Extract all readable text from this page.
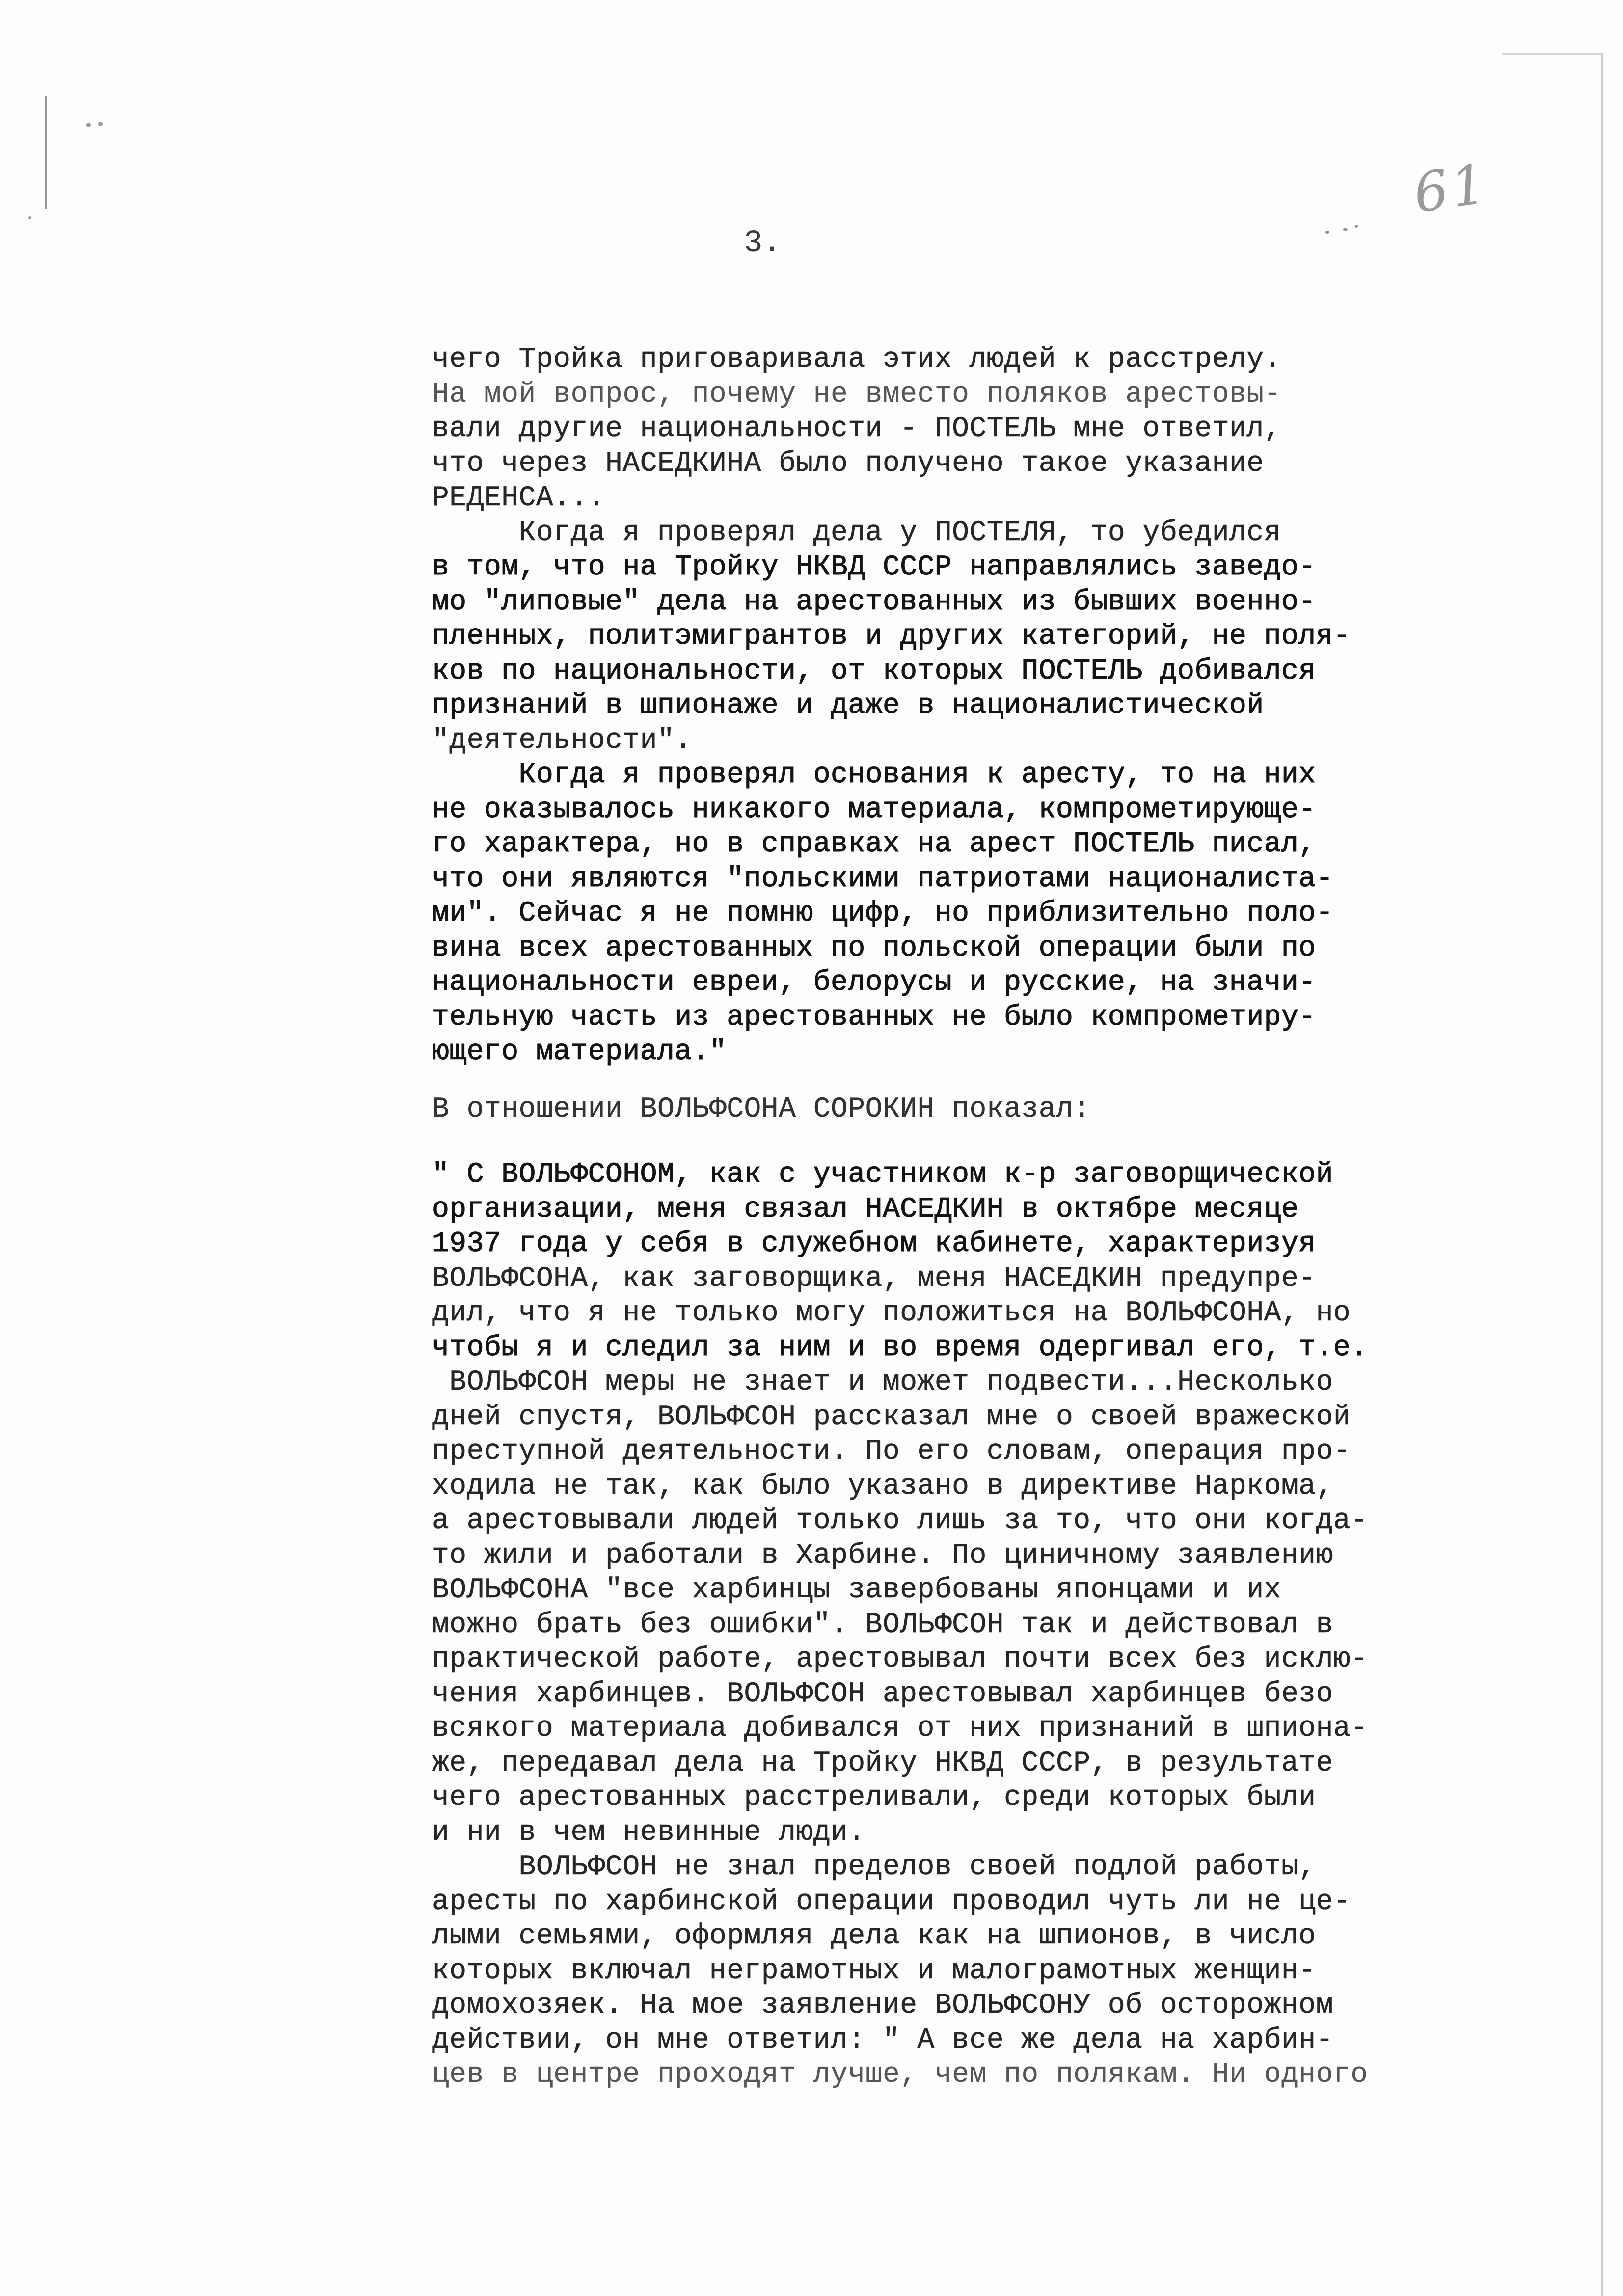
61
3.
чего Тройка приговаривала этих людей к расстрелу.
На мой вопрос, почему не вместо поляков арестовы-
вали другие национальности - ПОСТЕЛЬ мне ответил,
что через НАСЕДКИНА было получено такое указание
РЕДЕНСА...
Когда я проверял дела у ПОСТЕЛЯ, то убедился
в том, что на Тройку НКВД СССР направлялись заведо-
мо "липовые" дела на арестованных из бывших военно-
пленных, политэмигрантов и других категорий, не поля-
ков по национальности, от которых ПОСТЕЛЬ добивался
признаний в шпионаже и даже в националистической
"деятельности".
Когда я проверял основания к аресту, то на них
не оказывалось никакого материала, компрометирующе-
го характера, но в справках на арест ПОСТЕЛЬ писал,
что они являются "польскими патриотами националиста-
ми". Сейчас я не помню цифр, но приблизительно поло-
вина всех арестованных по польской операции были по
национальности евреи, белорусы и русские, на значи-
тельную часть из арестованных не было компрометиру-
ющего материала."
В отношении ВОЛЬФСОНА СОРОКИН показал:
" С ВОЛЬФСОНОМ, как с участником к-р заговорщической
организации, меня связал НАСЕДКИН в октябре месяце
1937 года у себя в служебном кабинете, характеризуя
ВОЛЬФСОНА, как заговорщика, меня НАСЕДКИН предупре-
дил, что я не только могу положиться на ВОЛЬФСОНА, но
чтобы я и следил за ним и во время одергивал его, т.е.
ВОЛЬФСОН меры не знает и может подвести...Несколько
дней спустя, ВОЛЬФСОН рассказал мне о своей вражеской
преступной деятельности. По его словам, операция про-
ходила не так, как было указано в директиве Наркома,
а арестовывали людей только лишь за то, что они когда-
то жили и работали в Харбине. По циничному заявлению
ВОЛЬФСОНА "все харбинцы завербованы японцами и их
можно брать без ошибки". ВОЛЬФСОН так и действовал в
практической работе, арестовывал почти всех без исклю-
чения харбинцев. ВОЛЬФСОН арестовывал харбинцев безо
всякого материала добивался от них признаний в шпиона-
же, передавал дела на Тройку НКВД СССР, в результате
чего арестованных расстреливали, среди которых были
и ни в чем невинные люди.
ВОЛЬФСОН не знал пределов своей подлой работы,
аресты по харбинской операции проводил чуть ли не це-
лыми семьями, оформляя дела как на шпионов, в число
которых включал неграмотных и малограмотных женщин-
домохозяек. На мое заявление ВОЛЬФСОНУ об осторожном
действии, он мне ответил: " А все же дела на харбин-
цев в центре проходят лучше, чем по полякам. Ни одного
